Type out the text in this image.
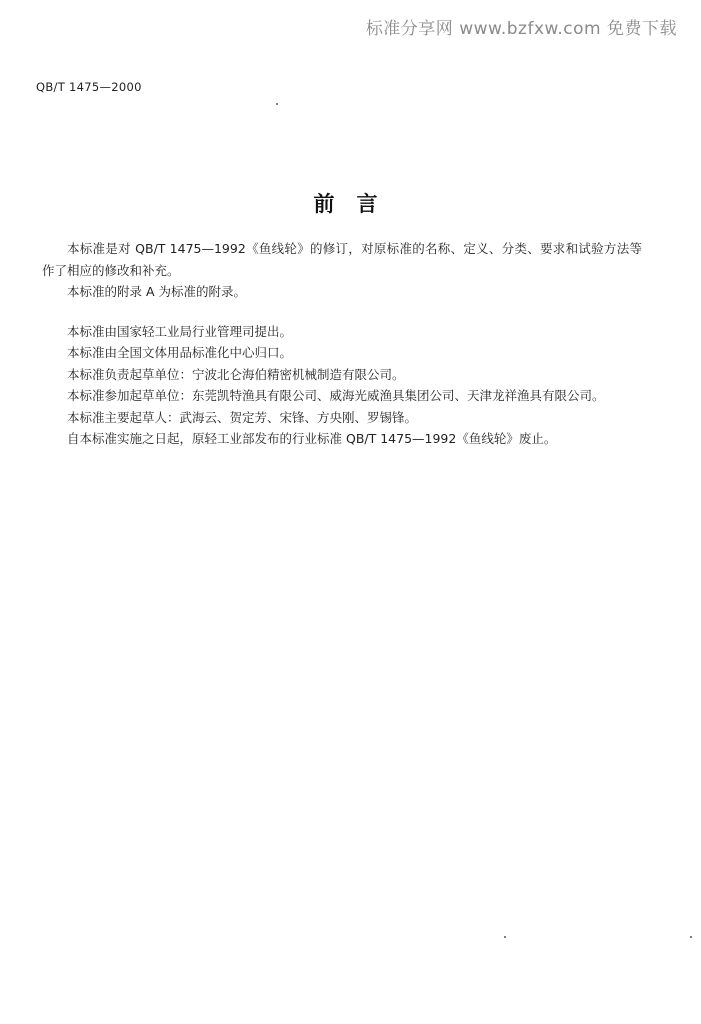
标准分享网 www.bzfxw.com 免费下载
QB/T 1475—2000
前言

本标准是对 QB/T 1475—1992《鱼线轮》的修订，对原标准的名称、定义、分类、要求和试验方法等作了相应的修改和补充。

本标准的附录 A 为标准的附录。

本标准由国家轻工业局行业管理司提出。

本标准由全国文体用品标准化中心归口。

本标准负责起草单位：宁波北仑海伯精密机械制造有限公司。

本标准参加起草单位：东莞凯特渔具有限公司、威海光威渔具集团公司、天津龙祥渔具有限公司。

本标准主要起草人：武海云、贺定芳、宋锋、方央刚、罗锡锋。

自本标准实施之日起，原轻工业部发布的行业标准 QB/T 1475—1992《鱼线轮》废止。
